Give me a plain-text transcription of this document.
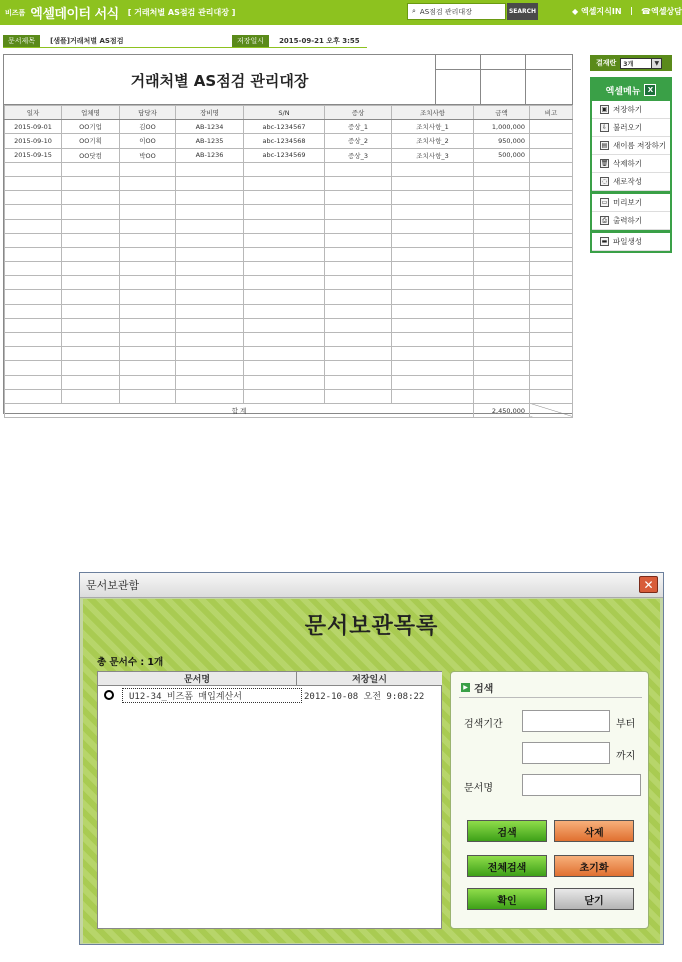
비즈폼 엑셀데이터 서식 [ 거래처별 AS점검 관리대장 ]	⌕ AS점검 관리대장	SEARCH	◆ 엑셀지식IN | ☎엑셀상담
문서제목	[샘플]거래처별 AS점검	저장일시	2015-09-21 오후 3:55
거래처별 AS점검 관리대장
일자	업체명	담당자	장비명	S/N	증상	조치사항	금액	비고
2015-09-01	OO기업	김OO	AB-1234	abc-1234567	증상_1	조치사항_1	1,000,000	
2015-09-10	OO기획	이OO	AB-1235	abc-1234568	증상_2	조치사항_2	950,000	
2015-09-15	OO닷컴	박OO	AB-1236	abc-1234569	증상_3	조치사항_3	500,000	

합 계							2,450,000	
결재란 3개	▼
엑셀메뉴	X
▣ 저장하기
⇩ 불러오기
▤ 새이름 저장하기
🗑 삭제하기
◌ 새로작성
▭ 미리보기
⎙ 출력하기
▬ 파일생성
문서보관함	✕
문서보관목록
총 문서수 : 1개
문서명	저장일시
U12-34_비즈폼 매입계산서	2012-10-08 오전 9:08:22
▶ 검색
검색기간	부터
까지
문서명
검색	삭제
전체검색	초기화
확인	닫기
